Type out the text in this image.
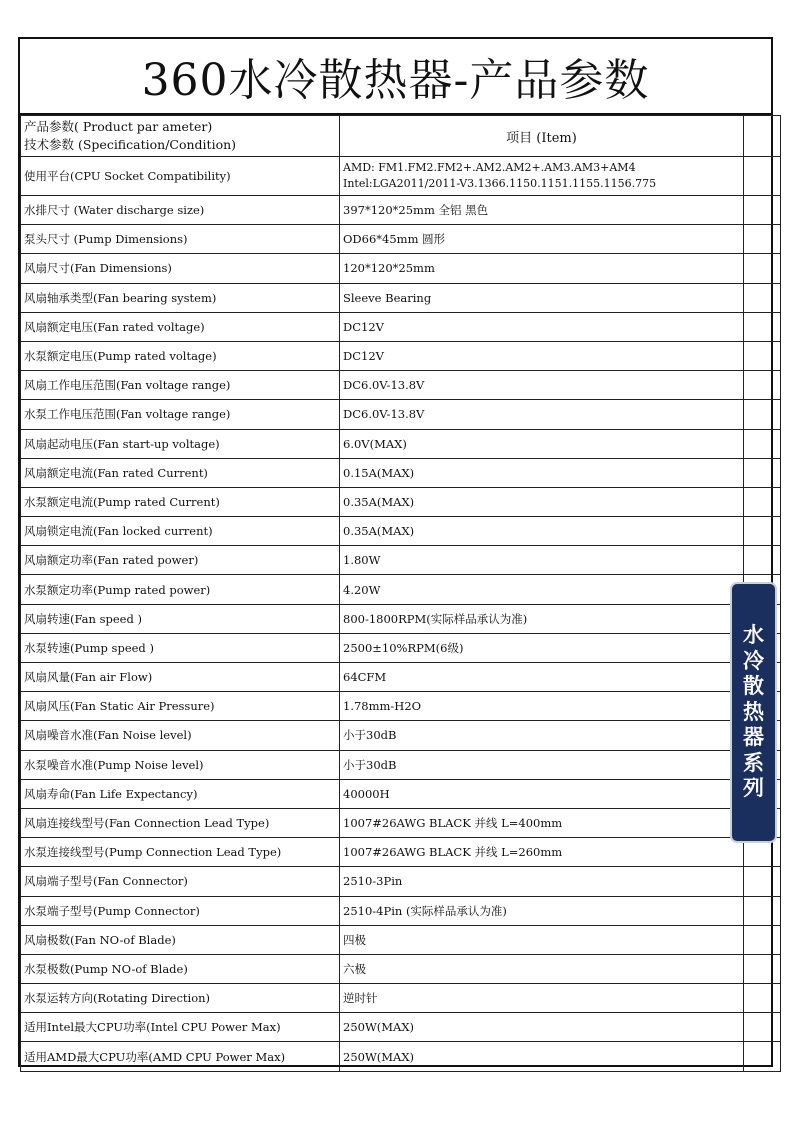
360水冷散热器-产品参数
产品参数( Product par ameter)
技术参数 (Specification/Condition)	项目 (Item)	
使用平台(CPU Socket Compatibility)	AMD: FM1.FM2.FM2+.AM2.AM2+.AM3.AM3+AM4
Intel:LGA2011/2011-V3.1366.1150.1151.1155.1156.775	

水排尺寸 (Water discharge size)	397*120*25mm 全铝 黑色	
泵头尺寸 (Pump Dimensions)	OD66*45mm 圆形	
风扇尺寸(Fan Dimensions)	120*120*25mm	
风扇轴承类型(Fan bearing system)	Sleeve Bearing	
风扇额定电压(Fan rated voltage)	DC12V	
水泵额定电压(Pump rated voltage)	DC12V	
风扇工作电压范围(Fan voltage range)	DC6.0V-13.8V	
水泵工作电压范围(Fan voltage range)	DC6.0V-13.8V	
风扇起动电压(Fan start-up voltage)	6.0V(MAX)	
风扇额定电流(Fan rated Current)	0.15A(MAX)	
水泵额定电流(Pump rated Current)	0.35A(MAX)	
风扇锁定电流(Fan locked current)	0.35A(MAX)	
风扇额定功率(Fan rated power)	1.80W	
水泵额定功率(Pump rated power)	4.20W	
风扇转速(Fan speed )	800-1800RPM(实际样品承认为准)	
水泵转速(Pump speed )	2500±10%RPM(6级)	
风扇风量(Fan air Flow)	64CFM	
风扇风压(Fan Static Air Pressure)	1.78mm-H2O	
风扇噪音水准(Fan Noise level)	小于30dB	
水泵噪音水准(Pump Noise level)	小于30dB	
风扇寿命(Fan Life Expectancy)	40000H	
风扇连接线型号(Fan Connection Lead Type)	1007#26AWG BLACK 并线 L=400mm	
水泵连接线型号(Pump Connection Lead Type)	1007#26AWG BLACK 并线 L=260mm	
风扇端子型号(Fan Connector)	2510-3Pin	
水泵端子型号(Pump Connector)	2510-4Pin (实际样品承认为准)	
风扇极数(Fan NO-of Blade)	四极	
水泵极数(Pump NO-of Blade)	六极	
水泵运转方向(Rotating Direction)	逆时针	
适用Intel最大CPU功率(Intel CPU Power Max)	250W(MAX)	
适用AMD最大CPU功率(AMD CPU Power Max)	250W(MAX)	
水
冷
散
热
器
系
列
